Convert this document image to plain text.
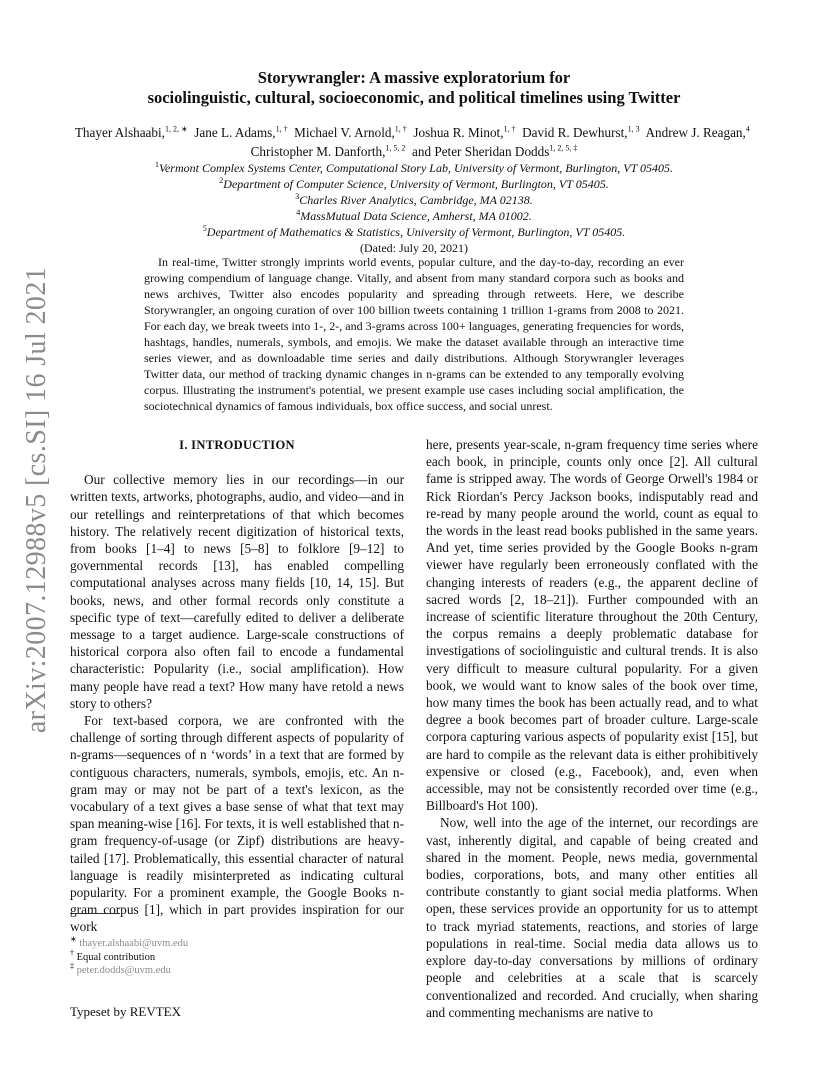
arXiv:2007.12988v5 [cs.SI] 16 Jul 2021
Storywrangler: A massive exploratorium for
sociolinguistic, cultural, socioeconomic, and political timelines using Twitter
Thayer Alshaabi,$^{1, 2, ∗}$ Jane L. Adams,$^{1, \dagger}$ Michael V. Arnold,$^{1, \dagger}$ Joshua R. Minot,$^{1, \dagger}$ David R. Dewhurst,$^{1, 3}$ Andrew J. Reagan,$^4$  Christopher M. Danforth,$^{1, 5, 2}$ and Peter Sheridan Dodds$^{1, 2, 5, \ddagger}$
$^1$Vermont Complex Systems Center, Computational Story Lab, University of Vermont, Burlington, VT 05405.
$^2$Department of Computer Science, University of Vermont, Burlington, VT 05405.
$^3$Charles River Analytics, Cambridge, MA 02138.
$^4$MassMutual Data Science, Amherst, MA 01002.
$^5$Department of Mathematics & Statistics, University of Vermont, Burlington, VT 05405.
(Dated: July 20, 2021)

In real-time, Twitter strongly imprints world events, popular culture, and the day-to-day, recording an ever growing compendium of language change. Vitally, and absent from many standard corpora such as books and news archives, Twitter also encodes popularity and spreading through retweets. Here, we describe Storywrangler, an ongoing curation of over 100 billion tweets containing 1 trillion 1-grams from 2008 to 2021. For each day, we break tweets into 1-, 2-, and 3-grams across 100+ languages, generating frequencies for words, hashtags, handles, numerals, symbols, and emojis. We make the dataset available through an interactive time series viewer, and as downloadable time series and daily distributions. Although Storywrangler leverages Twitter data, our method of tracking dynamic changes in n-grams can be extended to any temporally evolving corpus. Illustrating the instrument's potential, we present example use cases including social amplification, the sociotechnical dynamics of famous individuals, box office success, and social unrest.

I. INTRODUCTION

Our collective memory lies in our recordings—in our written texts, artworks, photographs, audio, and video—and in our retellings and reinterpretations of that which becomes history. The relatively recent digitization of historical texts, from books [1–4] to news [5–8] to folklore [9–12] to governmental records [13], has enabled compelling computational analyses across many fields [10, 14, 15]. But books, news, and other formal records only constitute a specific type of text—carefully edited to deliver a deliberate message to a target audience. Large-scale constructions of historical corpora also often fail to encode a fundamental characteristic: Popularity (i.e., social amplification). How many people have read a text? How many have retold a news story to others?

For text-based corpora, we are confronted with the challenge of sorting through different aspects of popularity of n-grams—sequences of n ‘words’ in a text that are formed by contiguous characters, numerals, symbols, emojis, etc. An n-gram may or may not be part of a text's lexicon, as the vocabulary of a text gives a base sense of what that text may span meaning-wise [16]. For texts, it is well established that n-gram frequency-of-usage (or Zipf) distributions are heavy-tailed [17]. Problematically, this essential character of natural language is readily misinterpreted as indicating cultural popularity. For a prominent example, the Google Books n-gram corpus [1], which in part provides inspiration for our work

here, presents year-scale, n-gram frequency time series where each book, in principle, counts only once [2]. All cultural fame is stripped away. The words of George Orwell's 1984 or Rick Riordan's Percy Jackson books, indisputably read and re-read by many people around the world, count as equal to the words in the least read books published in the same years. And yet, time series provided by the Google Books n-gram viewer have regularly been erroneously conflated with the changing interests of readers (e.g., the apparent decline of sacred words [2, 18–21]). Further compounded with an increase of scientific literature throughout the 20th Century, the corpus remains a deeply problematic database for investigations of sociolinguistic and cultural trends. It is also very difficult to measure cultural popularity. For a given book, we would want to know sales of the book over time, how many times the book has been actually read, and to what degree a book becomes part of broader culture. Large-scale corpora capturing various aspects of popularity exist [15], but are hard to compile as the relevant data is either prohibitively expensive or closed (e.g., Facebook), and, even when accessible, may not be consistently recorded over time (e.g., Billboard's Hot 100).

Now, well into the age of the internet, our recordings are vast, inherently digital, and capable of being created and shared in the moment. People, news media, governmental bodies, corporations, bots, and many other entities all contribute constantly to giant social media platforms. When open, these services provide an opportunity for us to attempt to track myriad statements, reactions, and stories of large populations in real-time. Social media data allows us to explore day-to-day conversations by millions of ordinary people and celebrities at a scale that is scarcely conventionalized and recorded. And crucially, when sharing and commenting mechanisms are native to

∗ thayer.alshaabi@uvm.edu
† Equal contribution
‡ peter.dodds@uvm.edu
Typeset by REVTEX
